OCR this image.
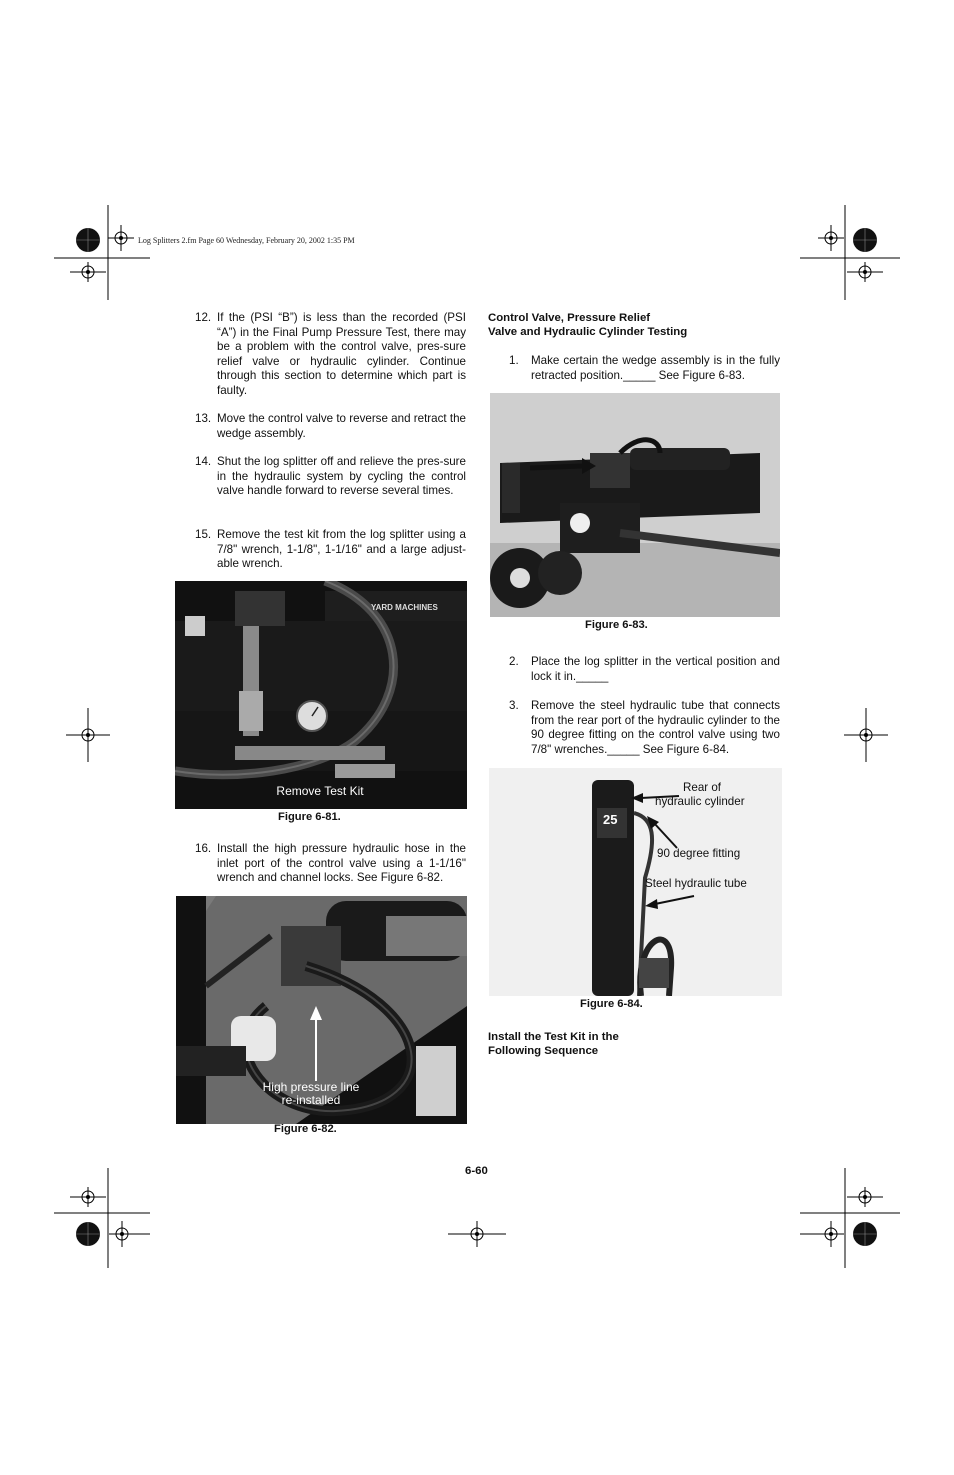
Log Splitters 2.fm Page 60 Wednesday, February 20, 2002 1:35 PM
12. If the (PSI “B”) is less than the recorded (PSI “A”) in the Final Pump Pressure Test, there may be a problem with the control valve, pres-sure relief valve or hydraulic cylinder. Continue through this section to determine which part is faulty.
13. Move the control valve to reverse and retract the wedge assembly.
14. Shut the log splitter off and relieve the pres-sure in the hydraulic system by cycling the control valve handle forward to reverse several times.
15. Remove the test kit from the log splitter using a 7/8" wrench, 1-1/8", 1-1/16" and a large adjust-able wrench.
YARD MACHINES
Remove Test Kit
Figure 6-81.
16. Install the high pressure hydraulic hose in the inlet port of the control valve using a 1-1/16" wrench and channel locks. See Figure 6-82.
High pressure line
re-installed
Figure 6-82.
Control Valve, Pressure Relief
Valve and Hydraulic Cylinder Testing
1.	Make certain the wedge assembly is in the fully retracted position._____ See Figure 6-83.
Figure 6-83.
2.	Place the log splitter in the vertical position and lock it in._____
3.	Remove the steel hydraulic tube that connects from the rear port of the hydraulic cylinder to the 90 degree fitting on the control valve using two 7/8" wrenches._____ See Figure 6-84.
25
Rear of
hydraulic cylinder
90 degree fitting
Steel hydraulic tube
Figure 6-84.
Install the Test Kit in the
Following Sequence
6-60
